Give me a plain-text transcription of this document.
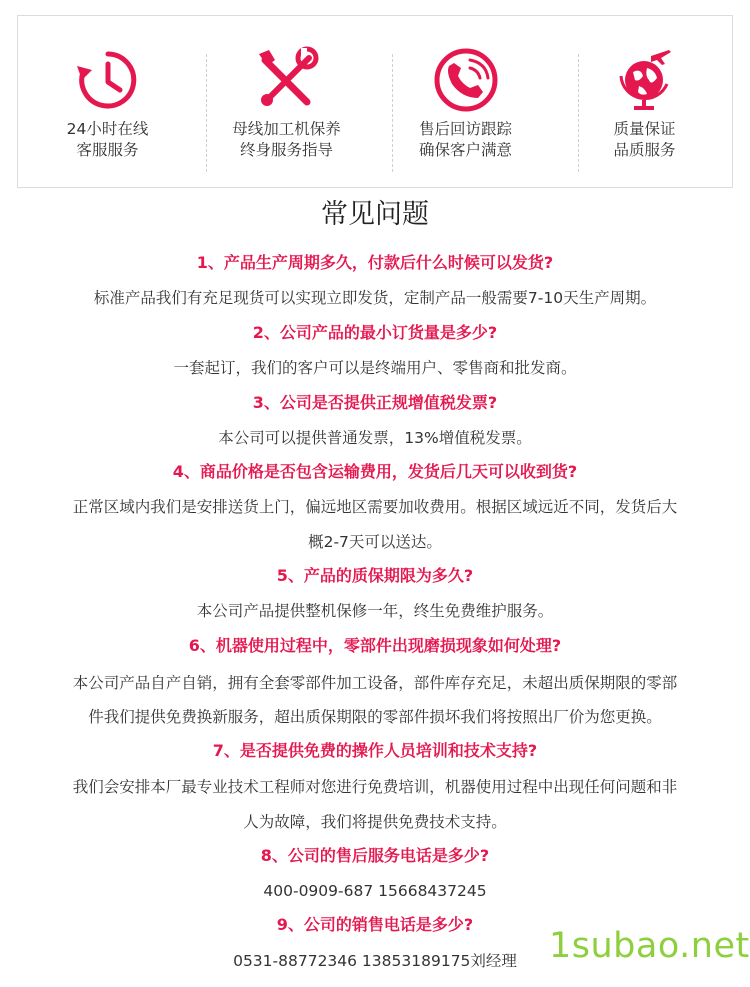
24小时在线
客服服务
母线加工机保养
终身服务指导
售后回访跟踪
确保客户满意
质量保证
品质服务
常见问题
1、产品生产周期多久，付款后什么时候可以发货?
标准产品我们有充足现货可以实现立即发货，定制产品一般需要7-10天生产周期。
2、公司产品的最小订货量是多少?
一套起订，我们的客户可以是终端用户、零售商和批发商。
3、公司是否提供正规增值税发票?
本公司可以提供普通发票，13%增值税发票。
4、商品价格是否包含运输费用，发货后几天可以收到货?
正常区域内我们是安排送货上门，偏远地区需要加收费用。根据区域远近不同，发货后大
概2-7天可以送达。
5、产品的质保期限为多久?
本公司产品提供整机保修一年，终生免费维护服务。
6、机器使用过程中，零部件出现磨损现象如何处理?
本公司产品自产自销，拥有全套零部件加工设备，部件库存充足，未超出质保期限的零部
件我们提供免费换新服务，超出质保期限的零部件损坏我们将按照出厂价为您更换。
7、是否提供免费的操作人员培训和技术支持?
我们会安排本厂最专业技术工程师对您进行免费培训，机器使用过程中出现任何问题和非
人为故障，我们将提供免费技术支持。
8、公司的售后服务电话是多少?
400-0909-687 15668437245
9、公司的销售电话是多少?
0531-88772346 13853189175刘经理 1subao.net
